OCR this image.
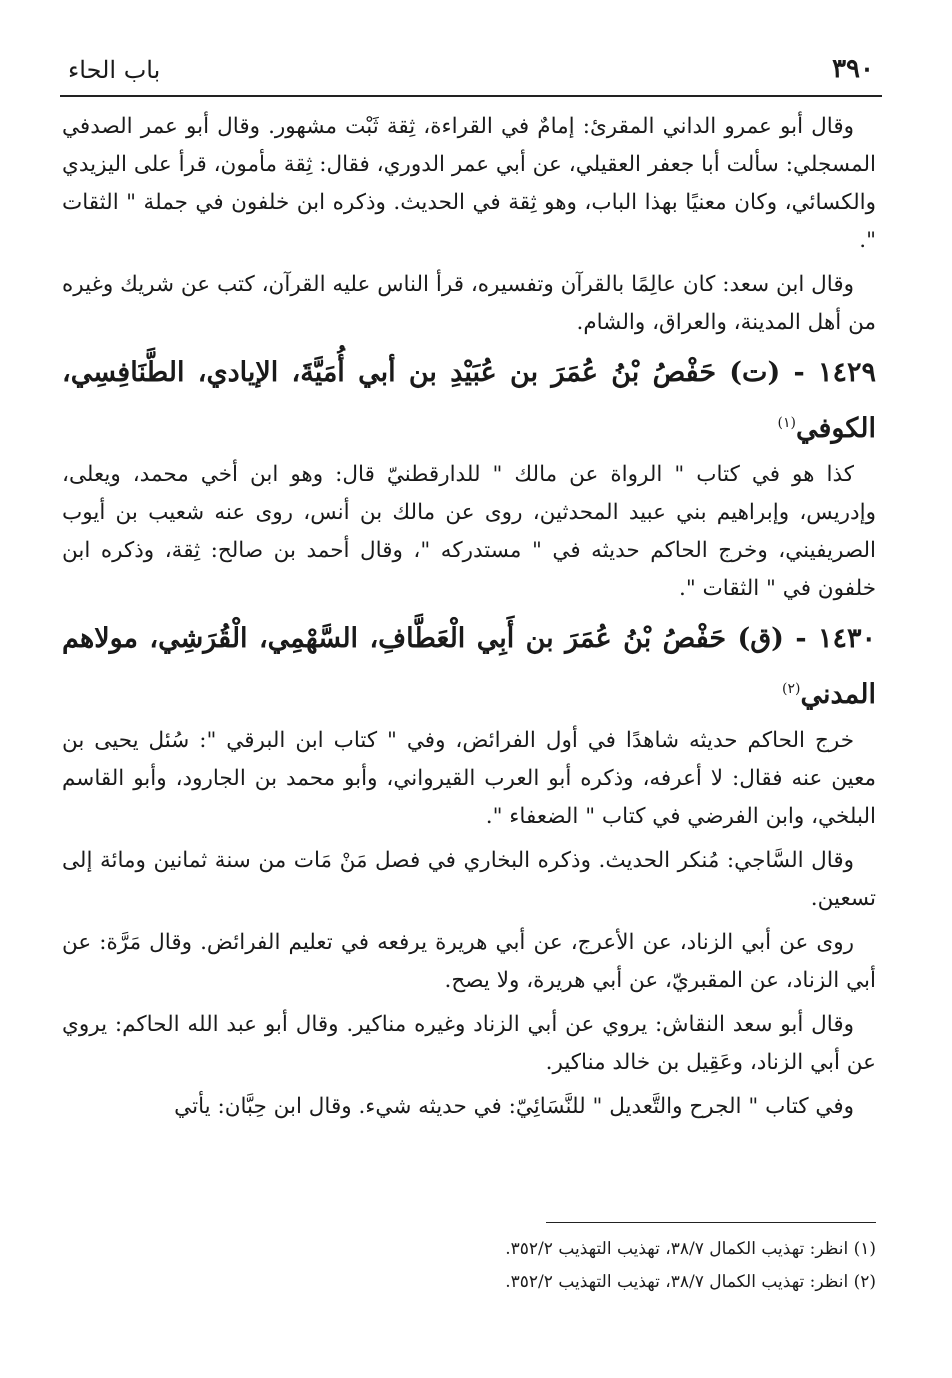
٣٩٠
باب الحاء

وقال أبو عمرو الداني المقرئ: إمامٌ في القراءة، ثِقة ثَبْت مشهور. وقال أبو عمر الصدفي المسجلي: سألت أبا جعفر العقيلي، عن أبي عمر الدوري، فقال: ثِقة مأمون، قرأ على اليزيدي والكسائي، وكان معنيًا بهذا الباب، وهو ثِقة في الحديث. وذكره ابن خلفون في جملة " الثقات ".

وقال ابن سعد: كان عالِمًا بالقرآن وتفسيره، قرأ الناس عليه القرآن، كتب عن شريك وغيره من أهل المدينة، والعراق، والشام.

١٤٢٩ - (ت) حَفْصُ بْنُ عُمَرَ بن عُبَيْدِ بن أبي أُمَيَّةَ، الإيادي، الطَّنَافِسِي، الكوفي$^{(١)}$

كذا هو في كتاب " الرواة عن مالك " للدارقطنيّ قال: وهو ابن أخي محمد، ويعلى، وإدريس، وإبراهيم بني عبيد المحدثين، روى عن مالك بن أنس، روى عنه شعيب بن أيوب الصريفيني، وخرج الحاكم حديثه في " مستدركه "، وقال أحمد بن صالح: ثِقة، وذكره ابن خلفون في " الثقات ".

١٤٣٠ - (ق) حَفْصُ بْنُ عُمَرَ بن أَبِي الْعَطَّافِ، السَّهْمِي، الْقُرَشِي، مولاهم المدني$^{(٢)}$

خرج الحاكم حديثه شاهدًا في أول الفرائض، وفي " كتاب ابن البرقي ": سُئل يحيى بن معين عنه فقال: لا أعرفه، وذكره أبو العرب القيرواني، وأبو محمد بن الجارود، وأبو القاسم البلخي، وابن الفرضي في كتاب " الضعفاء ".

وقال السَّاجي: مُنكر الحديث. وذكره البخاري في فصل مَنْ مَات من سنة ثمانين ومائة إلى تسعين.

روى عن أبي الزناد، عن الأعرج، عن أبي هريرة يرفعه في تعليم الفرائض. وقال مَرَّة: عن أبي الزناد، عن المقبريّ، عن أبي هريرة، ولا يصح.

وقال أبو سعد النقاش: يروي عن أبي الزناد وغيره مناكير. وقال أبو عبد الله الحاكم: يروي عن أبي الزناد، وعَقِيل بن خالد مناكير.

وفي كتاب " الجرح والتَّعديل " للنَّسَائِيّ: في حديثه شيء. وقال ابن حِبَّان: يأتي

(١) انظر: تهذيب الكمال ٣٨/٧، تهذيب التهذيب ٣٥٢/٢.
(٢) انظر: تهذيب الكمال ٣٨/٧، تهذيب التهذيب ٣٥٢/٢.
